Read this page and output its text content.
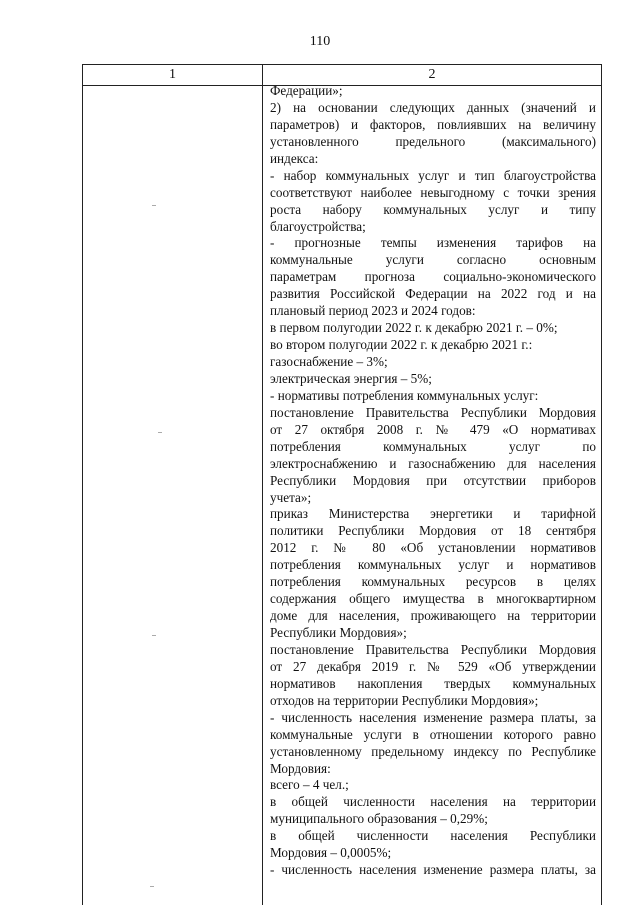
110
1	2
Федерации»;
2) на основании следующих данных (значений и
параметров) и факторов, повлиявших на величину
установленного предельного (максимального)
индекса:
- набор коммунальных услуг и тип благоустройства
соответствуют наиболее невыгодному с точки зрения
роста набору коммунальных услуг и типу
благоустройства;
- прогнозные темпы изменения тарифов на
коммунальные услуги согласно основным
параметрам прогноза социально-экономического
развития Российской Федерации на 2022 год и на
плановый период 2023 и 2024 годов:
в первом полугодии 2022 г. к декабрю 2021 г. – 0%;
во втором полугодии 2022 г. к декабрю 2021 г.:
газоснабжение – 3%;
электрическая энергия – 5%;
- нормативы потребления коммунальных услуг:
постановление Правительства Республики Мордовия
от 27 октября 2008 г. № 479 «О нормативах
потребления коммунальных услуг по
электроснабжению и газоснабжению для населения
Республики Мордовия при отсутствии приборов
учета»;
приказ Министерства энергетики и тарифной
политики Республики Мордовия от 18 сентября
2012 г. № 80 «Об установлении нормативов
потребления коммунальных услуг и нормативов
потребления коммунальных ресурсов в целях
содержания общего имущества в многоквартирном
доме для населения, проживающего на территории
Республики Мордовия»;
постановление Правительства Республики Мордовия
от 27 декабря 2019 г. № 529 «Об утверждении
нормативов накопления твердых коммунальных
отходов на территории Республики Мордовия»;
- численность населения изменение размера платы, за
коммунальные услуги в отношении которого равно
установленному предельному индексу по Республике
Мордовия:
всего – 4 чел.;
в общей численности населения на территории
муниципального образования – 0,29%;
в общей численности населения Республики
Мордовия – 0,0005%;
- численность населения изменение размера платы, за
